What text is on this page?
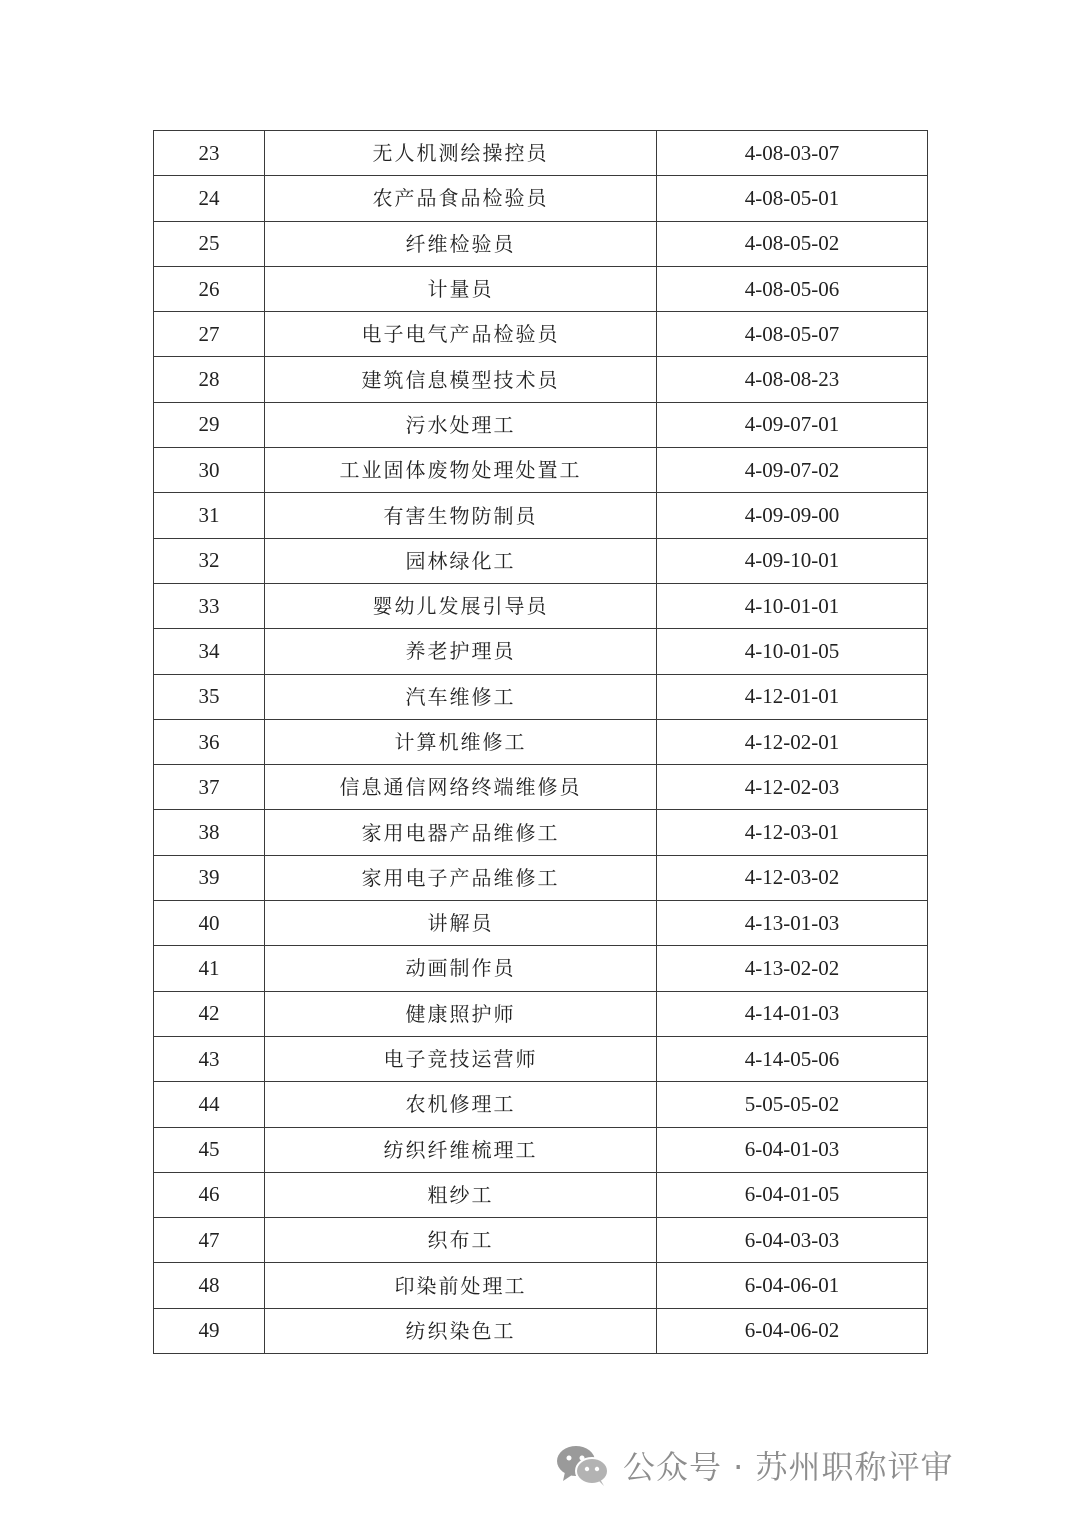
23	无人机测绘操控员	4-08-03-07
24	农产品食品检验员	4-08-05-01
25	纤维检验员	4-08-05-02
26	计量员	4-08-05-06
27	电子电气产品检验员	4-08-05-07
28	建筑信息模型技术员	4-08-08-23
29	污水处理工	4-09-07-01
30	工业固体废物处理处置工	4-09-07-02
31	有害生物防制员	4-09-09-00
32	园林绿化工	4-09-10-01
33	婴幼儿发展引导员	4-10-01-01
34	养老护理员	4-10-01-05
35	汽车维修工	4-12-01-01
36	计算机维修工	4-12-02-01
37	信息通信网络终端维修员	4-12-02-03
38	家用电器产品维修工	4-12-03-01
39	家用电子产品维修工	4-12-03-02
40	讲解员	4-13-01-03
41	动画制作员	4-13-02-02
42	健康照护师	4-14-01-03
43	电子竞技运营师	4-14-05-06
44	农机修理工	5-05-05-02
45	纺织纤维梳理工	6-04-01-03
46	粗纱工	6-04-01-05
47	织布工	6-04-03-03
48	印染前处理工	6-04-06-01
49	纺织染色工	6-04-06-02
公众号 · 苏州职称评审
